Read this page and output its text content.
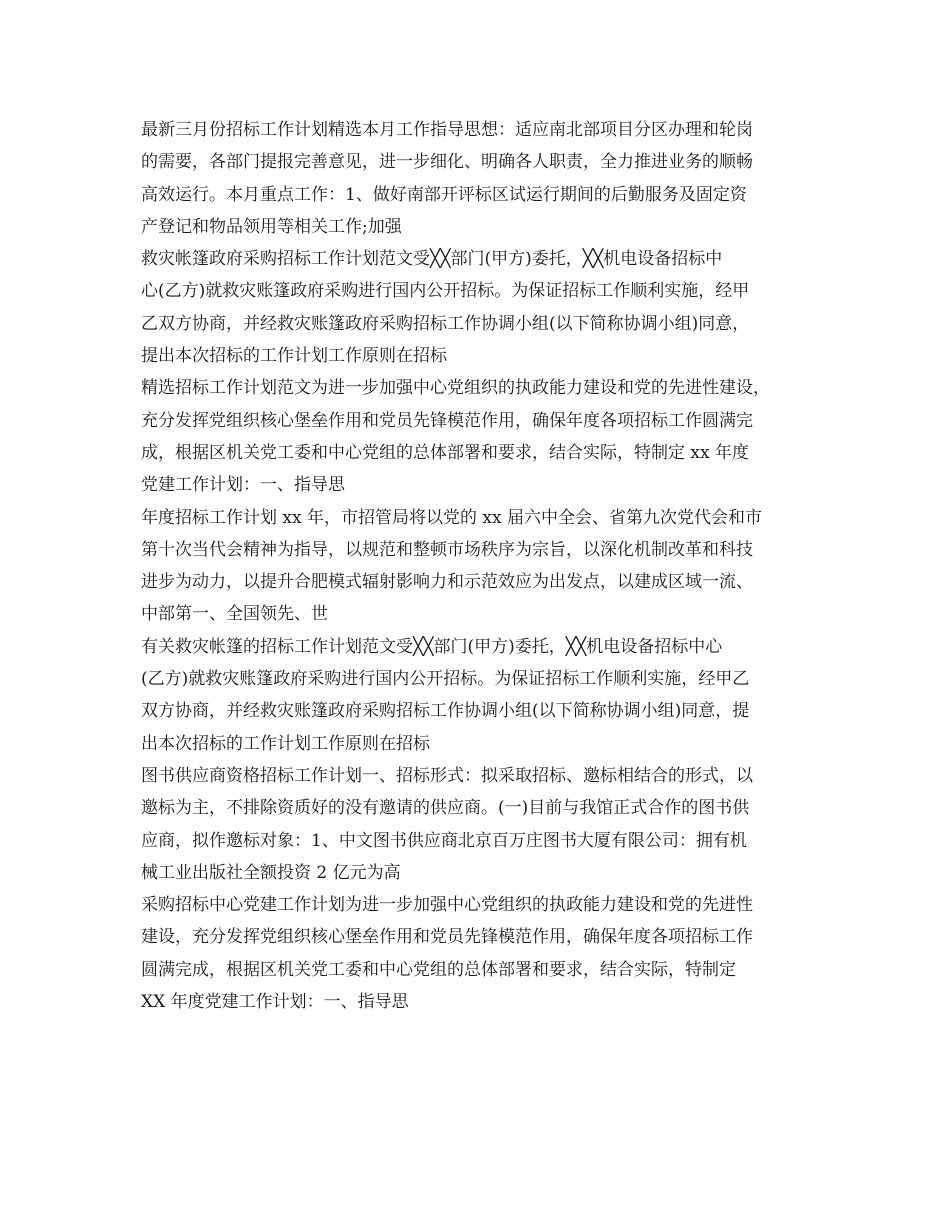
最新三月份招标工作计划精选本月工作指导思想：适应南北部项目分区办理和轮岗
的需要，各部门提报完善意见，进一步细化、明确各人职责，全力推进业务的顺畅
高效运行。本月重点工作：1、做好南部开评标区试运行期间的后勤服务及固定资
产登记和物品领用等相关工作;加强
救灾帐篷政府采购招标工作计划范文受╳╳部门(甲方)委托，╳╳机电设备招标中
心(乙方)就救灾账篷政府采购进行国内公开招标。为保证招标工作顺利实施，经甲
乙双方协商，并经救灾账篷政府采购招标工作协调小组(以下简称协调小组)同意，
提出本次招标的工作计划工作原则在招标
精选招标工作计划范文为进一步加强中心党组织的执政能力建设和党的先进性建设，
充分发挥党组织核心堡垒作用和党员先锋模范作用，确保年度各项招标工作圆满完
成，根据区机关党工委和中心党组的总体部署和要求，结合实际，特制定 xx 年度
党建工作计划：一、指导思
年度招标工作计划 xx 年，市招管局将以党的 xx 届六中全会、省第九次党代会和市
第十次当代会精神为指导，以规范和整顿市场秩序为宗旨，以深化机制改革和科技
进步为动力，以提升合肥模式辐射影响力和示范效应为出发点，以建成区域一流、
中部第一、全国领先、世
有关救灾帐篷的招标工作计划范文受╳╳部门(甲方)委托，╳╳机电设备招标中心
(乙方)就救灾账篷政府采购进行国内公开招标。为保证招标工作顺利实施，经甲乙
双方协商，并经救灾账篷政府采购招标工作协调小组(以下简称协调小组)同意，提
出本次招标的工作计划工作原则在招标
图书供应商资格招标工作计划一、招标形式：拟采取招标、邀标相结合的形式，以
邀标为主，不排除资质好的没有邀请的供应商。(一)目前与我馆正式合作的图书供
应商，拟作邀标对象：1、中文图书供应商北京百万庄图书大厦有限公司：拥有机
械工业出版社全额投资 2 亿元为高
采购招标中心党建工作计划为进一步加强中心党组织的执政能力建设和党的先进性
建设，充分发挥党组织核心堡垒作用和党员先锋模范作用，确保年度各项招标工作
圆满完成，根据区机关党工委和中心党组的总体部署和要求，结合实际，特制定
XX 年度党建工作计划：一、指导思
